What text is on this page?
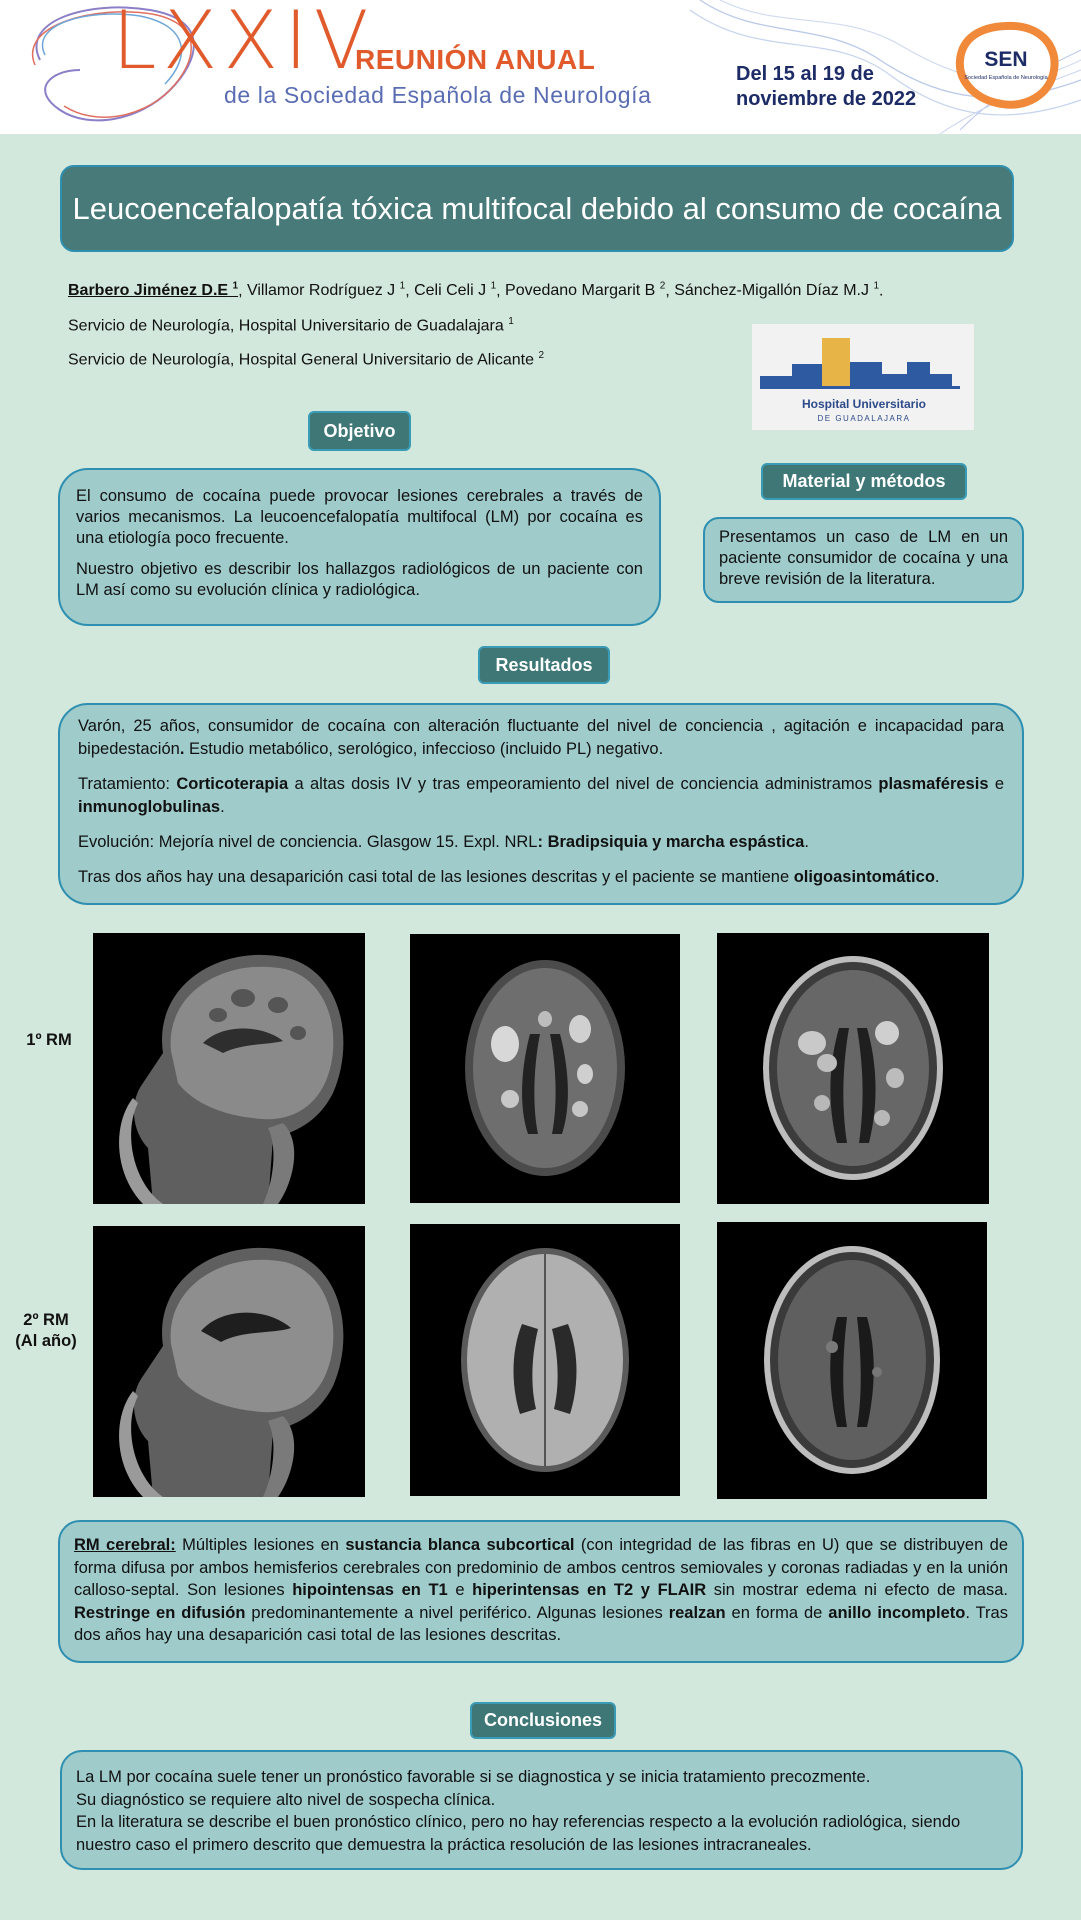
LXXIV
REUNIÓN ANUAL
de la Sociedad Española de Neurología
Del 15 al 19 de
noviembre de 2022
SEN
Sociedad Española de Neurología
Leucoencefalopatía tóxica multifocal debido al consumo de cocaína
Barbero Jiménez D.E $^1$, Villamor Rodríguez J $^1$, Celi Celi J $^1$, Povedano Margarit B $^2$, Sánchez-Migallón Díaz M.J $^1$.
Servicio de Neurología, Hospital Universitario de Guadalajara $^1$
Servicio de Neurología, Hospital General Universitario de Alicante $^2$
Hospital Universitario
DE GUADALAJARA
Objetivo

El consumo de cocaína puede provocar lesiones cerebrales a través de varios mecanismos. La leucoencefalopatía multifocal (LM) por cocaína es una etiología poco frecuente.

Nuestro objetivo es describir los hallazgos radiológicos de un paciente con LM así como su evolución clínica y radiológica.

Material y métodos

Presentamos un caso de LM en un paciente consumidor de cocaína y una breve revisión de la literatura.

Resultados

Varón, 25 años, consumidor de cocaína con alteración fluctuante del nivel de conciencia , agitación e incapacidad para bipedestación. Estudio metabólico, serológico, infeccioso (incluido PL) negativo.

Tratamiento: Corticoterapia a altas dosis IV y tras empeoramiento del nivel de conciencia administramos plasmaféresis e inmunoglobulinas.

Evolución: Mejoría nivel de conciencia. Glasgow 15. Expl. NRL: Bradipsiquia y marcha espástica.

Tras dos años hay una desaparición casi total de las lesiones descritas y el paciente se mantiene oligoasintomático.

1º RM
2º RM
(Al año)

RM cerebral: Múltiples lesiones en sustancia blanca subcortical (con integridad de las fibras en U) que se distribuyen de forma difusa por ambos hemisferios cerebrales con predominio de ambos centros semiovales y coronas radiadas y en la unión calloso-septal. Son lesiones hipointensas en T1 e hiperintensas en T2 y FLAIR sin mostrar edema ni efecto de masa. Restringe en difusión predominantemente a nivel periférico. Algunas lesiones realzan en forma de anillo incompleto. Tras dos años hay una desaparición casi total de las lesiones descritas.

Conclusiones

La LM por cocaína suele tener un pronóstico favorable si se diagnostica y se inicia tratamiento precozmente.

Su diagnóstico se requiere alto nivel de sospecha clínica.

En la literatura se describe el buen pronóstico clínico, pero no hay referencias respecto a la evolución radiológica, siendo nuestro caso el primero descrito que demuestra la práctica resolución de las lesiones intracraneales.
